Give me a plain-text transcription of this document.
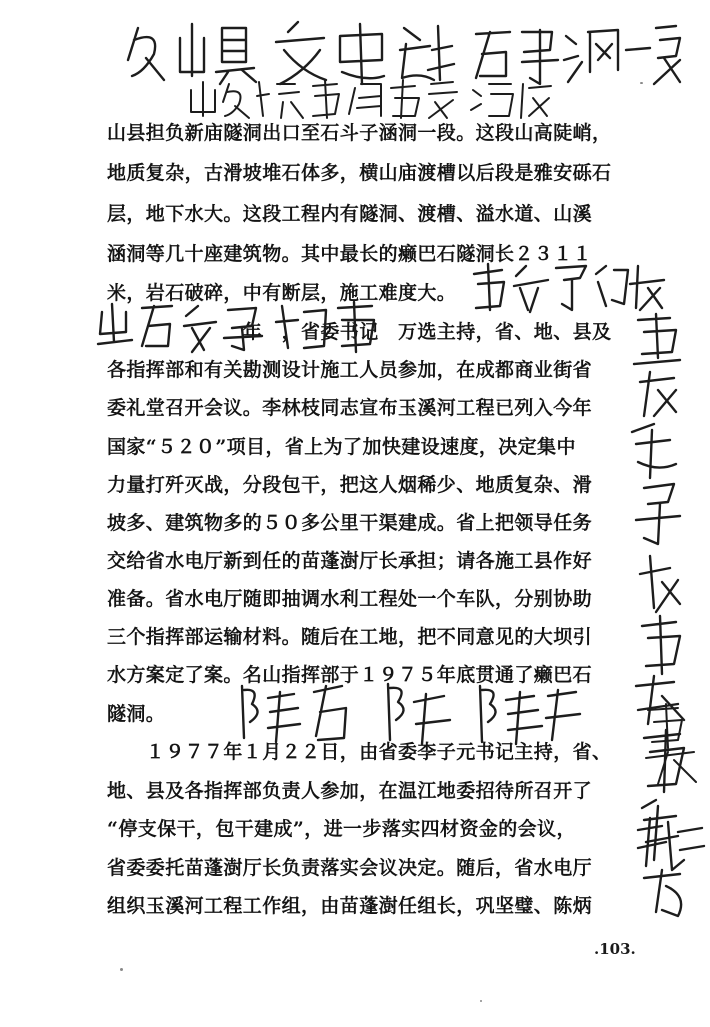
山县担负新庙隧洞出口至石斗子涵洞一段。这段山高陡峭，
地质复杂，古滑坡堆石体多，横山庙渡槽以后段是雅安砾石
层，地下水大。这段工程内有隧洞、渡槽、溢水道、山溪
涵洞等几十座建筑物。其中最长的癞巴石隧洞长２３１１
米，岩石破碎，中有断层，施工难度大。
　　　　　　　年　，省委书记　万选主持，省、地、县及
各指挥部和有关勘测设计施工人员参加，在成都商业街省
委礼堂召开会议。李林枝同志宣布玉溪河工程已列入今年
国家“５２０”项目，省上为了加快建设速度，决定集中
力量打歼灭战，分段包干，把这人烟稀少、地质复杂、滑
坡多、建筑物多的５０多公里干渠建成。省上把领导任务
交给省水电厅新到任的苗蓬澍厅长承担；请各施工县作好
准备。省水电厅随即抽调水利工程处一个车队，分别协助
三个指挥部运输材料。随后在工地，把不同意见的大坝引
水方案定了案。名山指挥部于１９７５年底贯通了癞巴石
隧洞。
　　１９７７年１月２２日，由省委李子元书记主持，省、
地、县及各指挥部负责人参加，在温江地委招待所召开了
“停支保干，包干建成”，进一步落实四材资金的会议，
省委委托苗蓬澍厅长负责落实会议决定。随后，省水电厅
组织玉溪河工程工作组，由苗蓬澍任组长，巩坚璧、陈炳
.103.
